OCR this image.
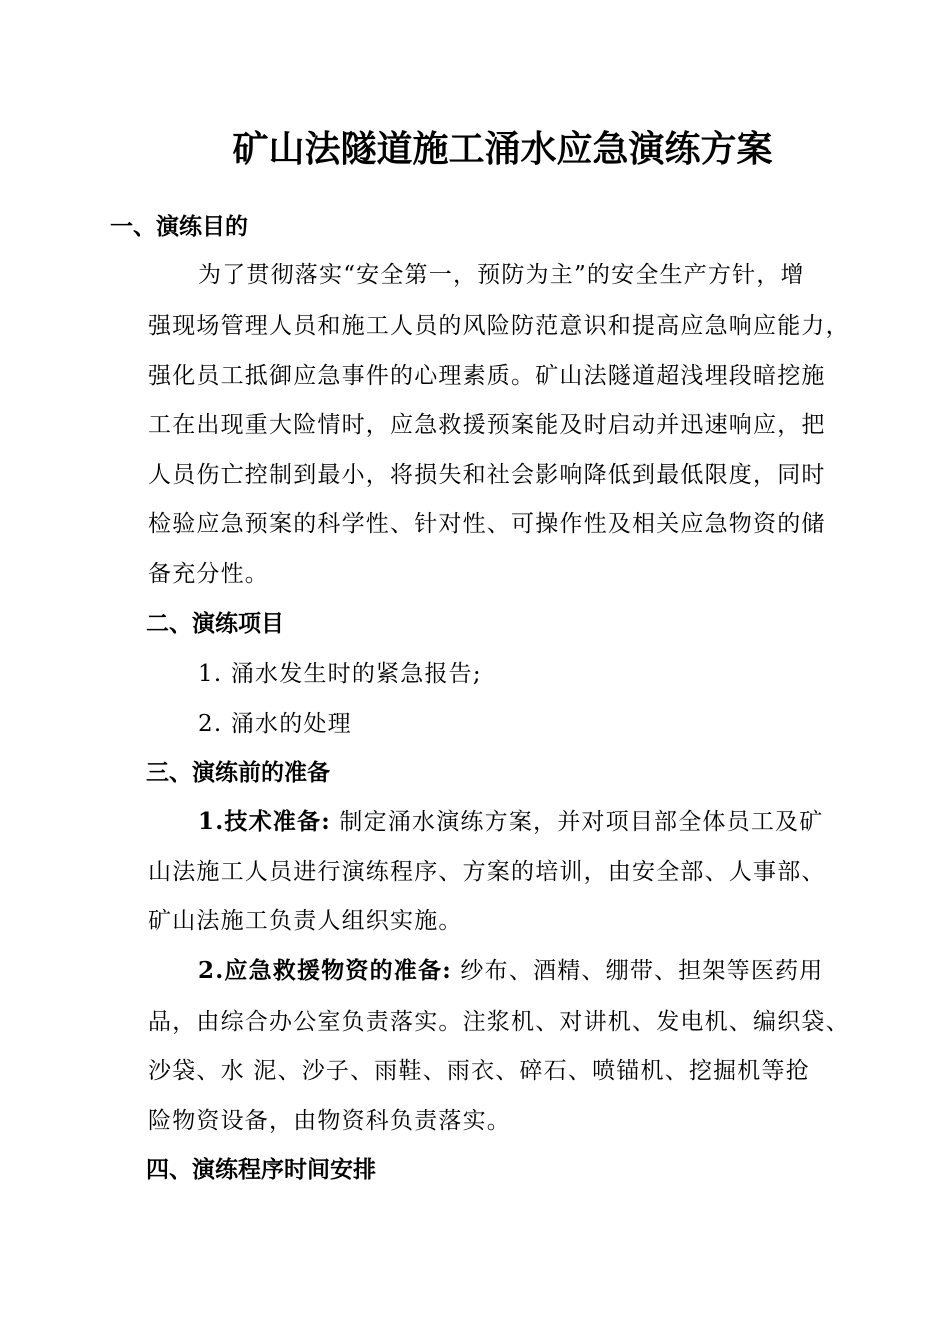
矿山法隧道施工涌水应急演练方案
一、演练目的
为了贯彻落实“安全第一，预防为主”的安全生产方针，增
强现场管理人员和施工人员的风险防范意识和提高应急响应能力，
强化员工抵御应急事件的心理素质。矿山法隧道超浅埋段暗挖施
工在出现重大险情时，应急救援预案能及时启动并迅速响应，把
人员伤亡控制到最小，将损失和社会影响降低到最低限度，同时
检验应急预案的科学性、针对性、可操作性及相关应急物资的储
备充分性。
二、演练项目
1. 涌水发生时的紧急报告;
2. 涌水的处理
三、演练前的准备
1.技术准备: 制定涌水演练方案，并对项目部全体员工及矿
山法施工人员进行演练程序、方案的培训，由安全部、人事部、
矿山法施工负责人组织实施。
2.应急救援物资的准备: 纱布、酒精、绷带、担架等医药用
品，由综合办公室负责落实。注浆机、对讲机、发电机、编织袋、
沙袋、水 泥、沙子、雨鞋、雨衣、碎石、喷锚机、挖掘机等抢
险物资设备，由物资科负责落实。
四、演练程序时间安排
